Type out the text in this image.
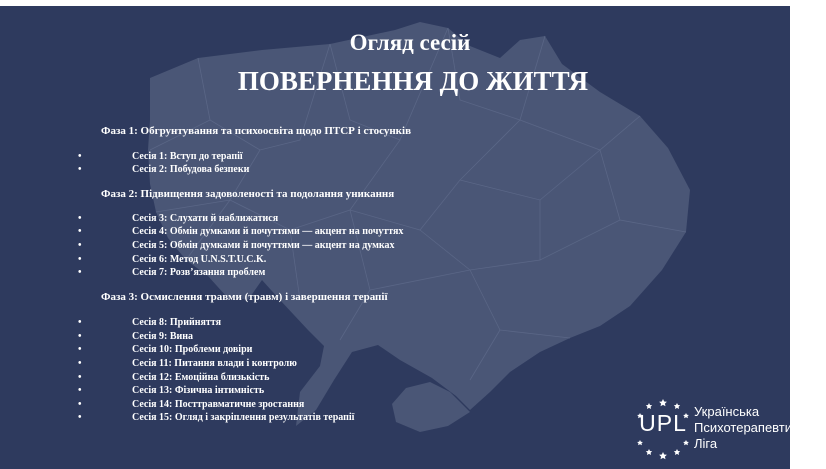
Огляд сесій
ПОВЕРНЕННЯ ДО ЖИТТЯ
Фаза 1: Обгрунтування та психоосвіта щодо ПТСР і стосунків
•	Сесія 1: Вступ до терапії
•	Сесія 2: Побудова безпеки
Фаза 2: Підвищення задоволеності та подолання уникання
•	Сесія 3: Слухати й наближатися
•	Сесія 4: Обмін думками й почуттями — акцент на почуттях
•	Сесія 5: Обмін думками й почуттями — акцент на думках
•	Сесія 6: Метод U.N.S.T.U.C.K.
•	Сесія 7: Розв’язання проблем
Фаза 3: Осмислення травми (травм) і завершення терапії
•	Сесія 8: Прийняття
•	Сесія 9: Вина
•	Сесія 10: Проблеми довіри
•	Сесія 11: Питання влади і контролю
•	Сесія 12: Емоційна близькість
•	Сесія 13: Фізична інтимність
•	Сесія 14: Посттравматичне зростання
•	Сесія 15: Огляд і закріплення результатів терапії	UPL Українська
Психотерапевтична
Ліга
